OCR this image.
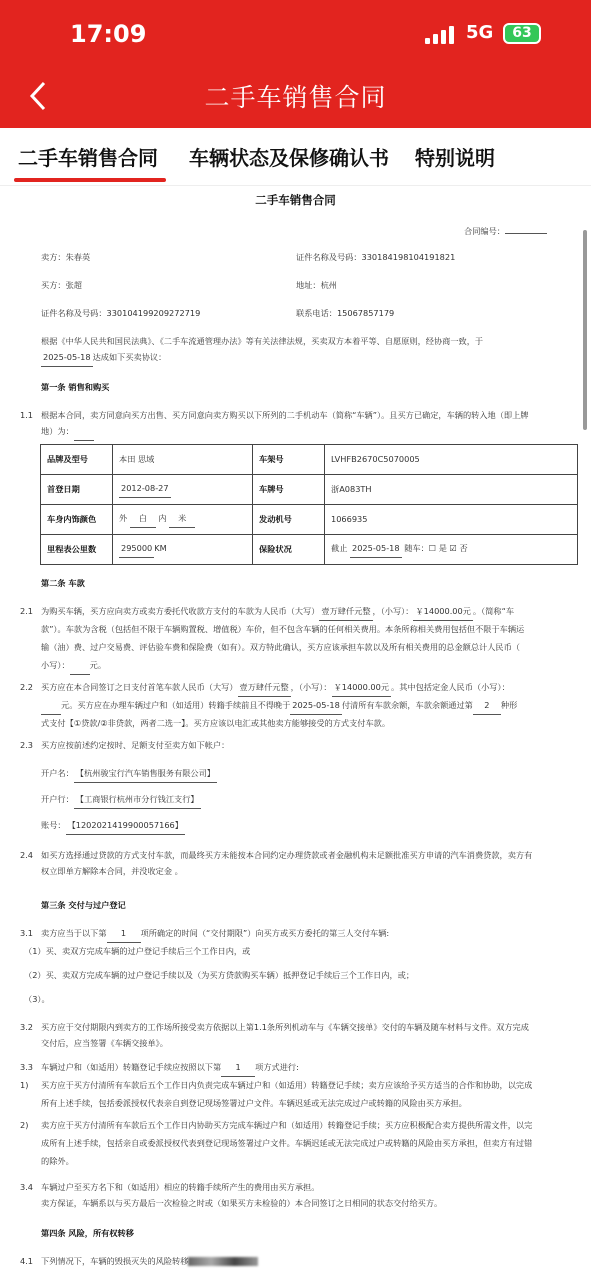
17:09	5G	63
二手车销售合同
二手车销售合同 车辆状态及保修确认书 特别说明
二手车销售合同
合同编号：
卖方：朱春英	证件名称及号码：330184198104191821
买方：张超	地址：杭州
证件名称及号码：330104199209272719	联系电话：15067857179
根据《中华人民共和国民法典》、《二手车流通管理办法》等有关法律法规，买卖双方本着平等、自愿原则，经协商一致，于
2025-05-18 达成如下买卖协议：
第一条 销售和购买
1.1 根据本合同，卖方同意向买方出售、买方同意向卖方购买以下所列的二手机动车（简称“车辆”）。且买方已确定，车辆的转入地（即上牌
地）为：
品牌及型号	本田 思域	车架号	LVHFB2670C5070005
首登日期	2012-08-27	车牌号	浙A083TH
车身内饰颜色	外 白 内 米	发动机号	1066935
里程表公里数	295000 KM	保险状况	截止 2025-05-18 随车：☐ 是 ☑ 否
第二条 车款
2.1 为购买车辆，买方应向卖方或卖方委托代收款方支付的车款为人民币（大写） 壹万肆仟元整 ，（小写）： ￥14000.00元 。（简称“车
款”）。车款为含税（包括但不限于车辆购置税、增值税）车价，但不包含车辆的任何相关费用。本条所称相关费用包括但不限于车辆运
输（油）费、过户交易费、评估验车费和保险费（如有）。双方特此确认，买方应该承担车款以及所有相关费用的总金额总计人民币（
小写）： 元。
2.2 买方应在本合同签订之日支付首笔车款人民币（大写） 壹万肆仟元整 ，（小写）： ￥14000.00元 。其中包括定金人民币（小写）：
元。买方应在办理车辆过户和（如适用）转籍手续前且不得晚于 2025-05-18 付清所有车款余额，车款余额通过第 2 种形
式支付【①贷款/②非贷款，两者二选一】。买方应该以电汇或其他卖方能够接受的方式支付车款。
2.3 买方应按前述约定按时、足额支付至卖方如下帐户：
开户名： 【杭州骏宝行汽车销售服务有限公司】
开户行： 【工商银行杭州市分行钱江支行】
账号： 【1202021419900057166】
2.4 如买方选择通过贷款的方式支付车款，而最终买方未能按本合同约定办理贷款或者金融机构未足额批准买方申请的汽车消费贷款，卖方有
权立即单方解除本合同，并没收定金 。
第三条 交付与过户登记
3.1 卖方应当于以下第 1 项所确定的时间（“交付期限”）向买方或买方委托的第三人交付车辆:
（1）买、卖双方完成车辆的过户登记手续后三个工作日内，或
（2）买、卖双方完成车辆的过户登记手续以及（为买方贷款购买车辆）抵押登记手续后三个工作日内，或；
（3）。
3.2 买方应于交付期限内到卖方的工作场所接受卖方依据以上第1.1条所列机动车与《车辆交接单》交付的车辆及随车材料与文件。双方完成
交付后，应当签署《车辆交接单》。
3.3 车辆过户和（如适用）转籍登记手续应按照以下第 1 项方式进行:
1) 买方应于买方付清所有车款后五个工作日内负责完成车辆过户和（如适用）转籍登记手续；卖方应该给予买方适当的合作和协助，以完成
所有上述手续，包括委派授权代表亲自到登记现场签署过户文件。车辆迟延或无法完成过户或转籍的风险由买方承担。
2) 卖方应于买方付清所有车款后五个工作日内协助买方完成车辆过户和（如适用）转籍登记手续；买方应积极配合卖方提供所需文件，以完
成所有上述手续，包括亲自或委派授权代表到登记现场签署过户文件。车辆迟延或无法完成过户或转籍的风险由买方承担，但卖方有过错
的除外。
3.4 车辆过户至买方名下和（如适用）相应的转籍手续所产生的费用由买方承担。
卖方保证，车辆系以与买方最后一次检验之时或（如果买方未检验的）本合同签订之日相同的状态交付给买方。
第四条 风险，所有权转移
4.1 下列情况下，车辆的毁损灭失的风险转移
